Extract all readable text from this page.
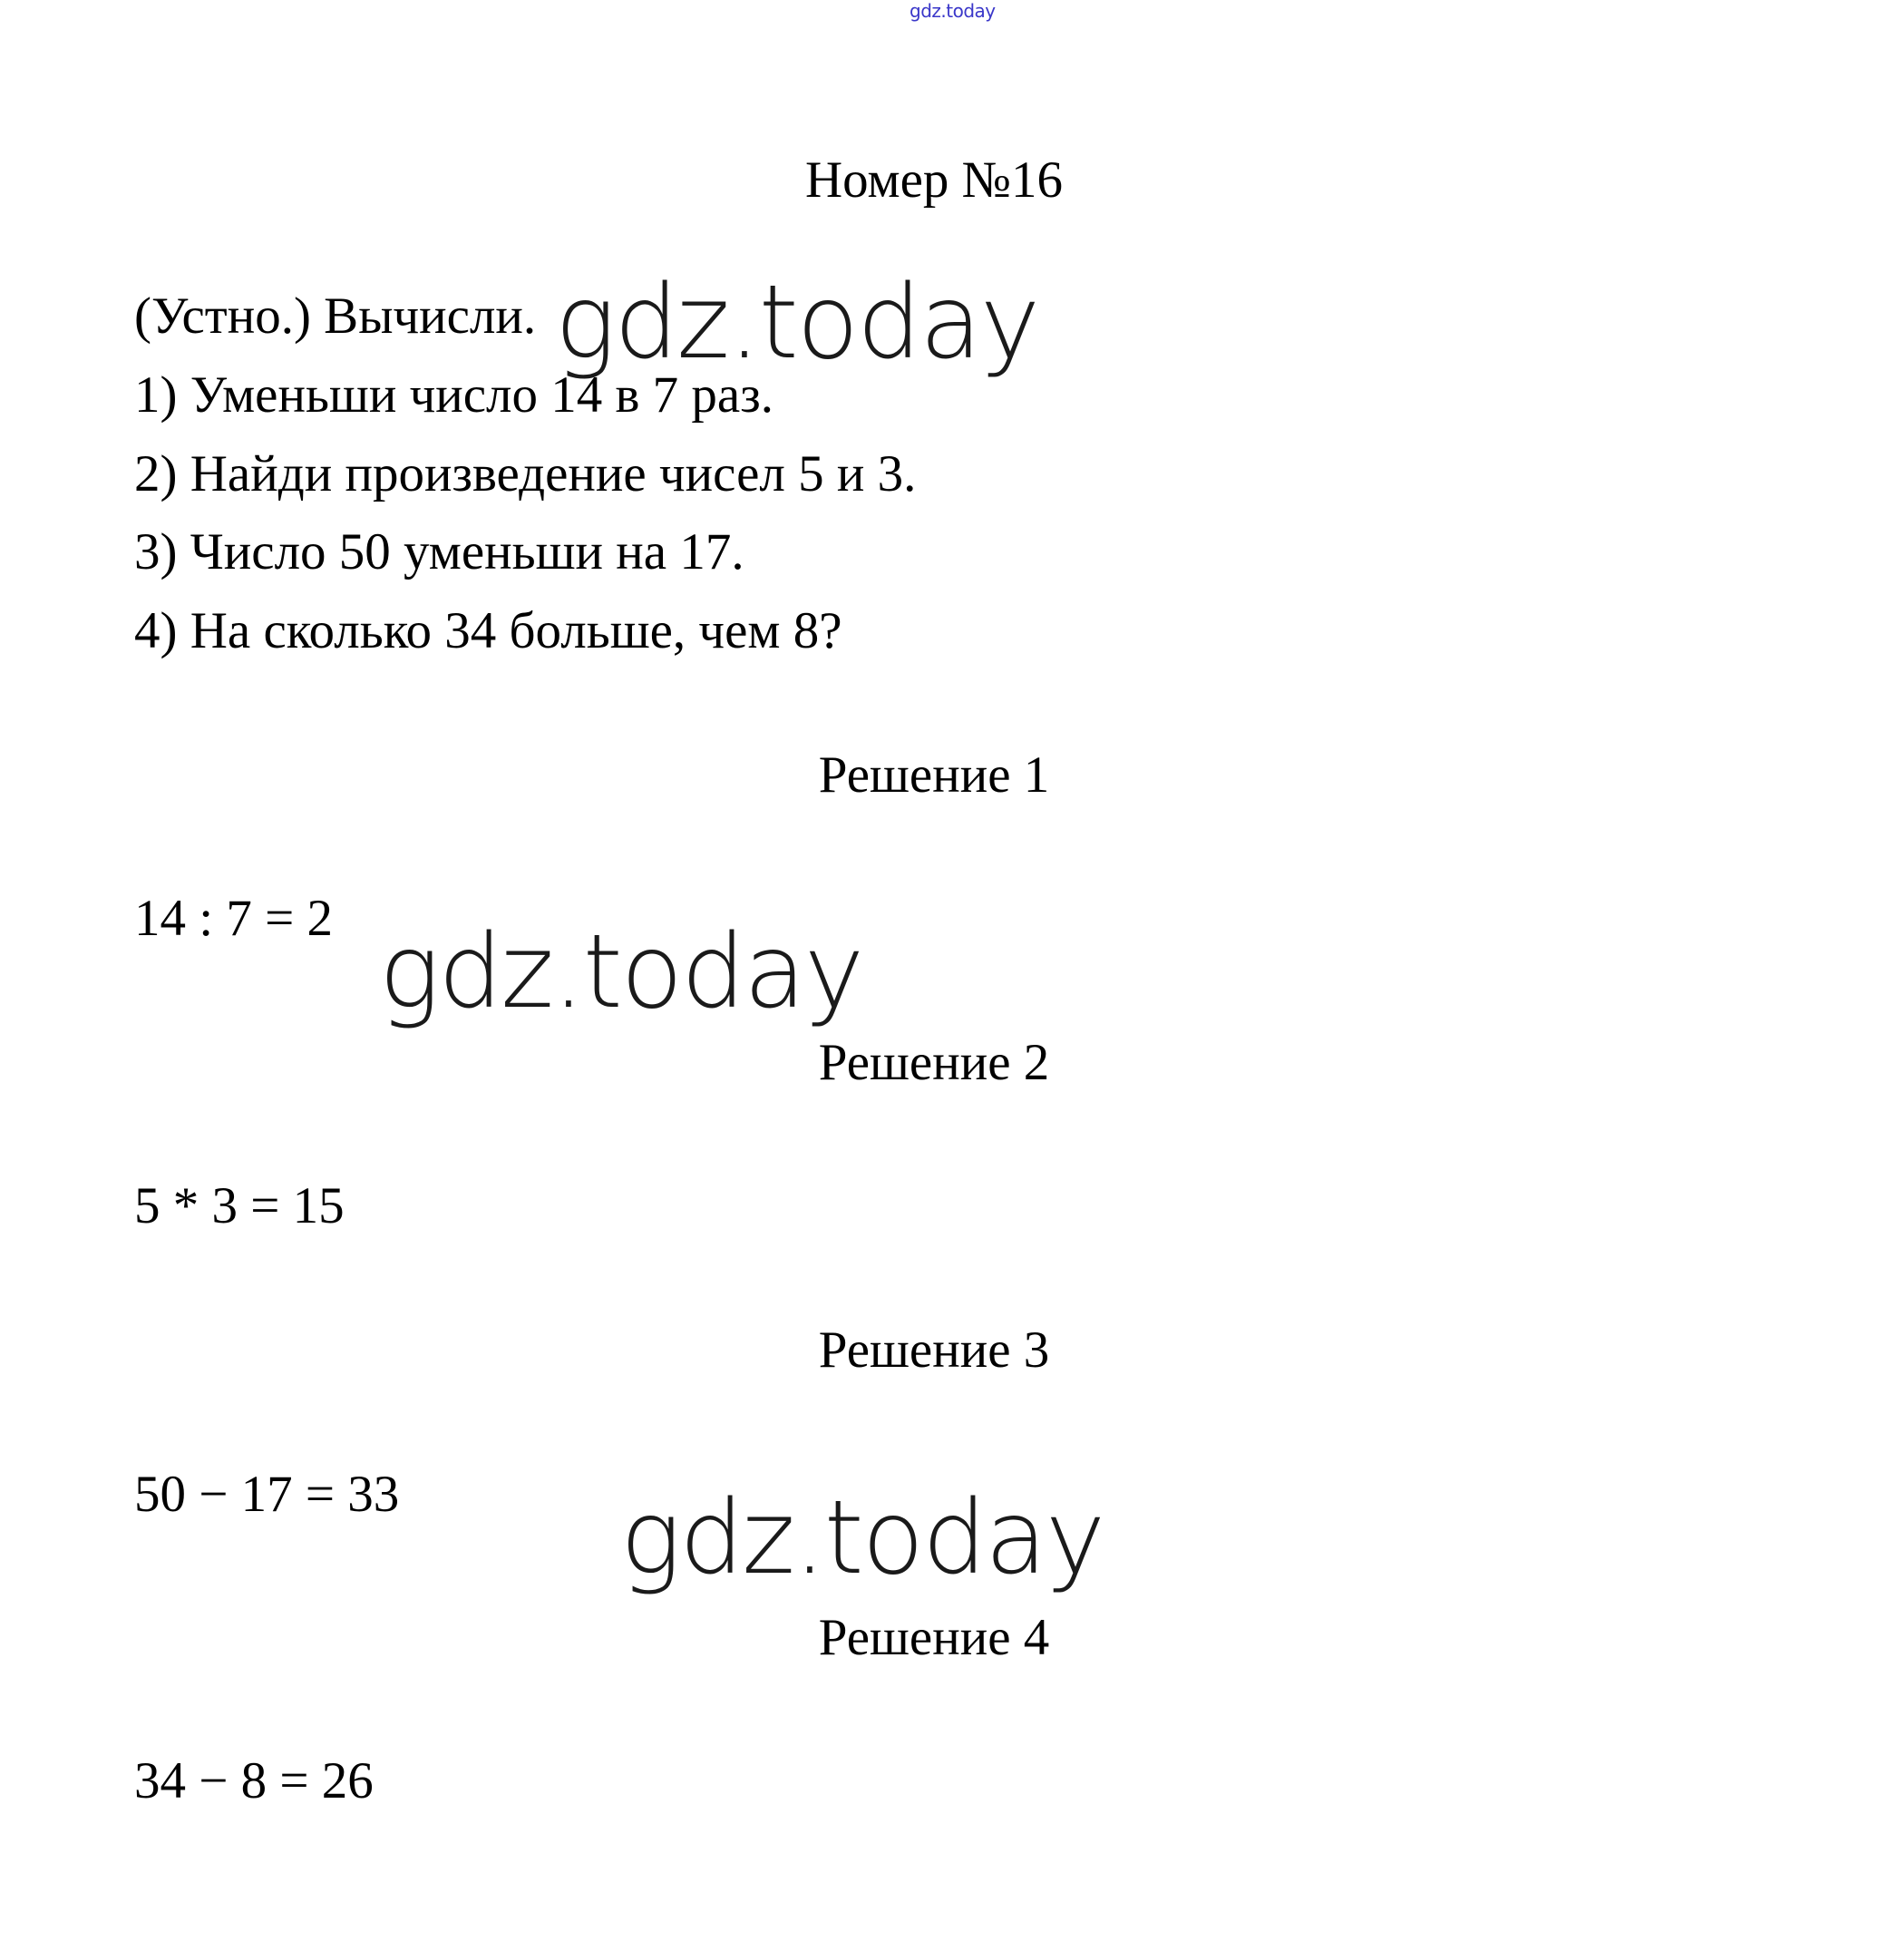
gdz.today
Номер №16
(Устно.) Вычисли.
1) Уменьши число 14 в 7 раз.
2) Найди произведение чисел 5 и 3.
3) Число 50 уменьши на 17.
4) На сколько 34 больше, чем 8?
Решение 1
14 : 7 = 2
Решение 2
5 * 3 = 15
Решение 3
50 − 17 = 33
Решение 4
34 − 8 = 26
gdz.today
gdz.today
gdz.today
